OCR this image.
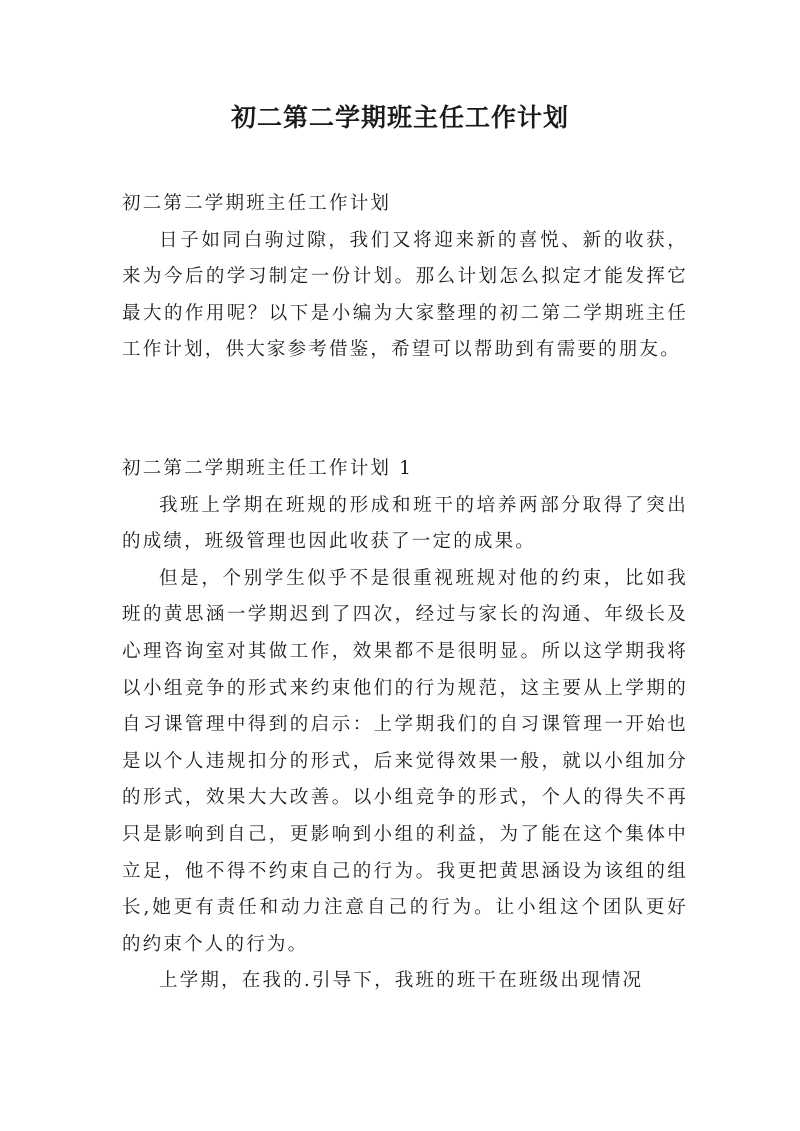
初二第二学期班主任工作计划

初二第二学期班主任工作计划

日子如同白驹过隙，我们又将迎来新的喜悦、新的收获，来为今后的学习制定一份计划。那么计划怎么拟定才能发挥它最大的作用呢？以下是小编为大家整理的初二第二学期班主任工作计划，供大家参考借鉴，希望可以帮助到有需要的朋友。

初二第二学期班主任工作计划 1

我班上学期在班规的形成和班干的培养两部分取得了突出的成绩，班级管理也因此收获了一定的成果。

但是，个别学生似乎不是很重视班规对他的约束，比如我班的黄思涵一学期迟到了四次，经过与家长的沟通、年级长及心理咨询室对其做工作，效果都不是很明显。所以这学期我将以小组竞争的形式来约束他们的行为规范，这主要从上学期的自习课管理中得到的启示：上学期我们的自习课管理一开始也是以个人违规扣分的形式，后来觉得效果一般，就以小组加分的形式，效果大大改善。以小组竞争的形式，个人的得失不再只是影响到自己，更影响到小组的利益，为了能在这个集体中立足，他不得不约束自己的行为。我更把黄思涵设为该组的组长,她更有责任和动力注意自己的行为。让小组这个团队更好的约束个人的行为。

上学期，在我的.引导下，我班的班干在班级出现情况
